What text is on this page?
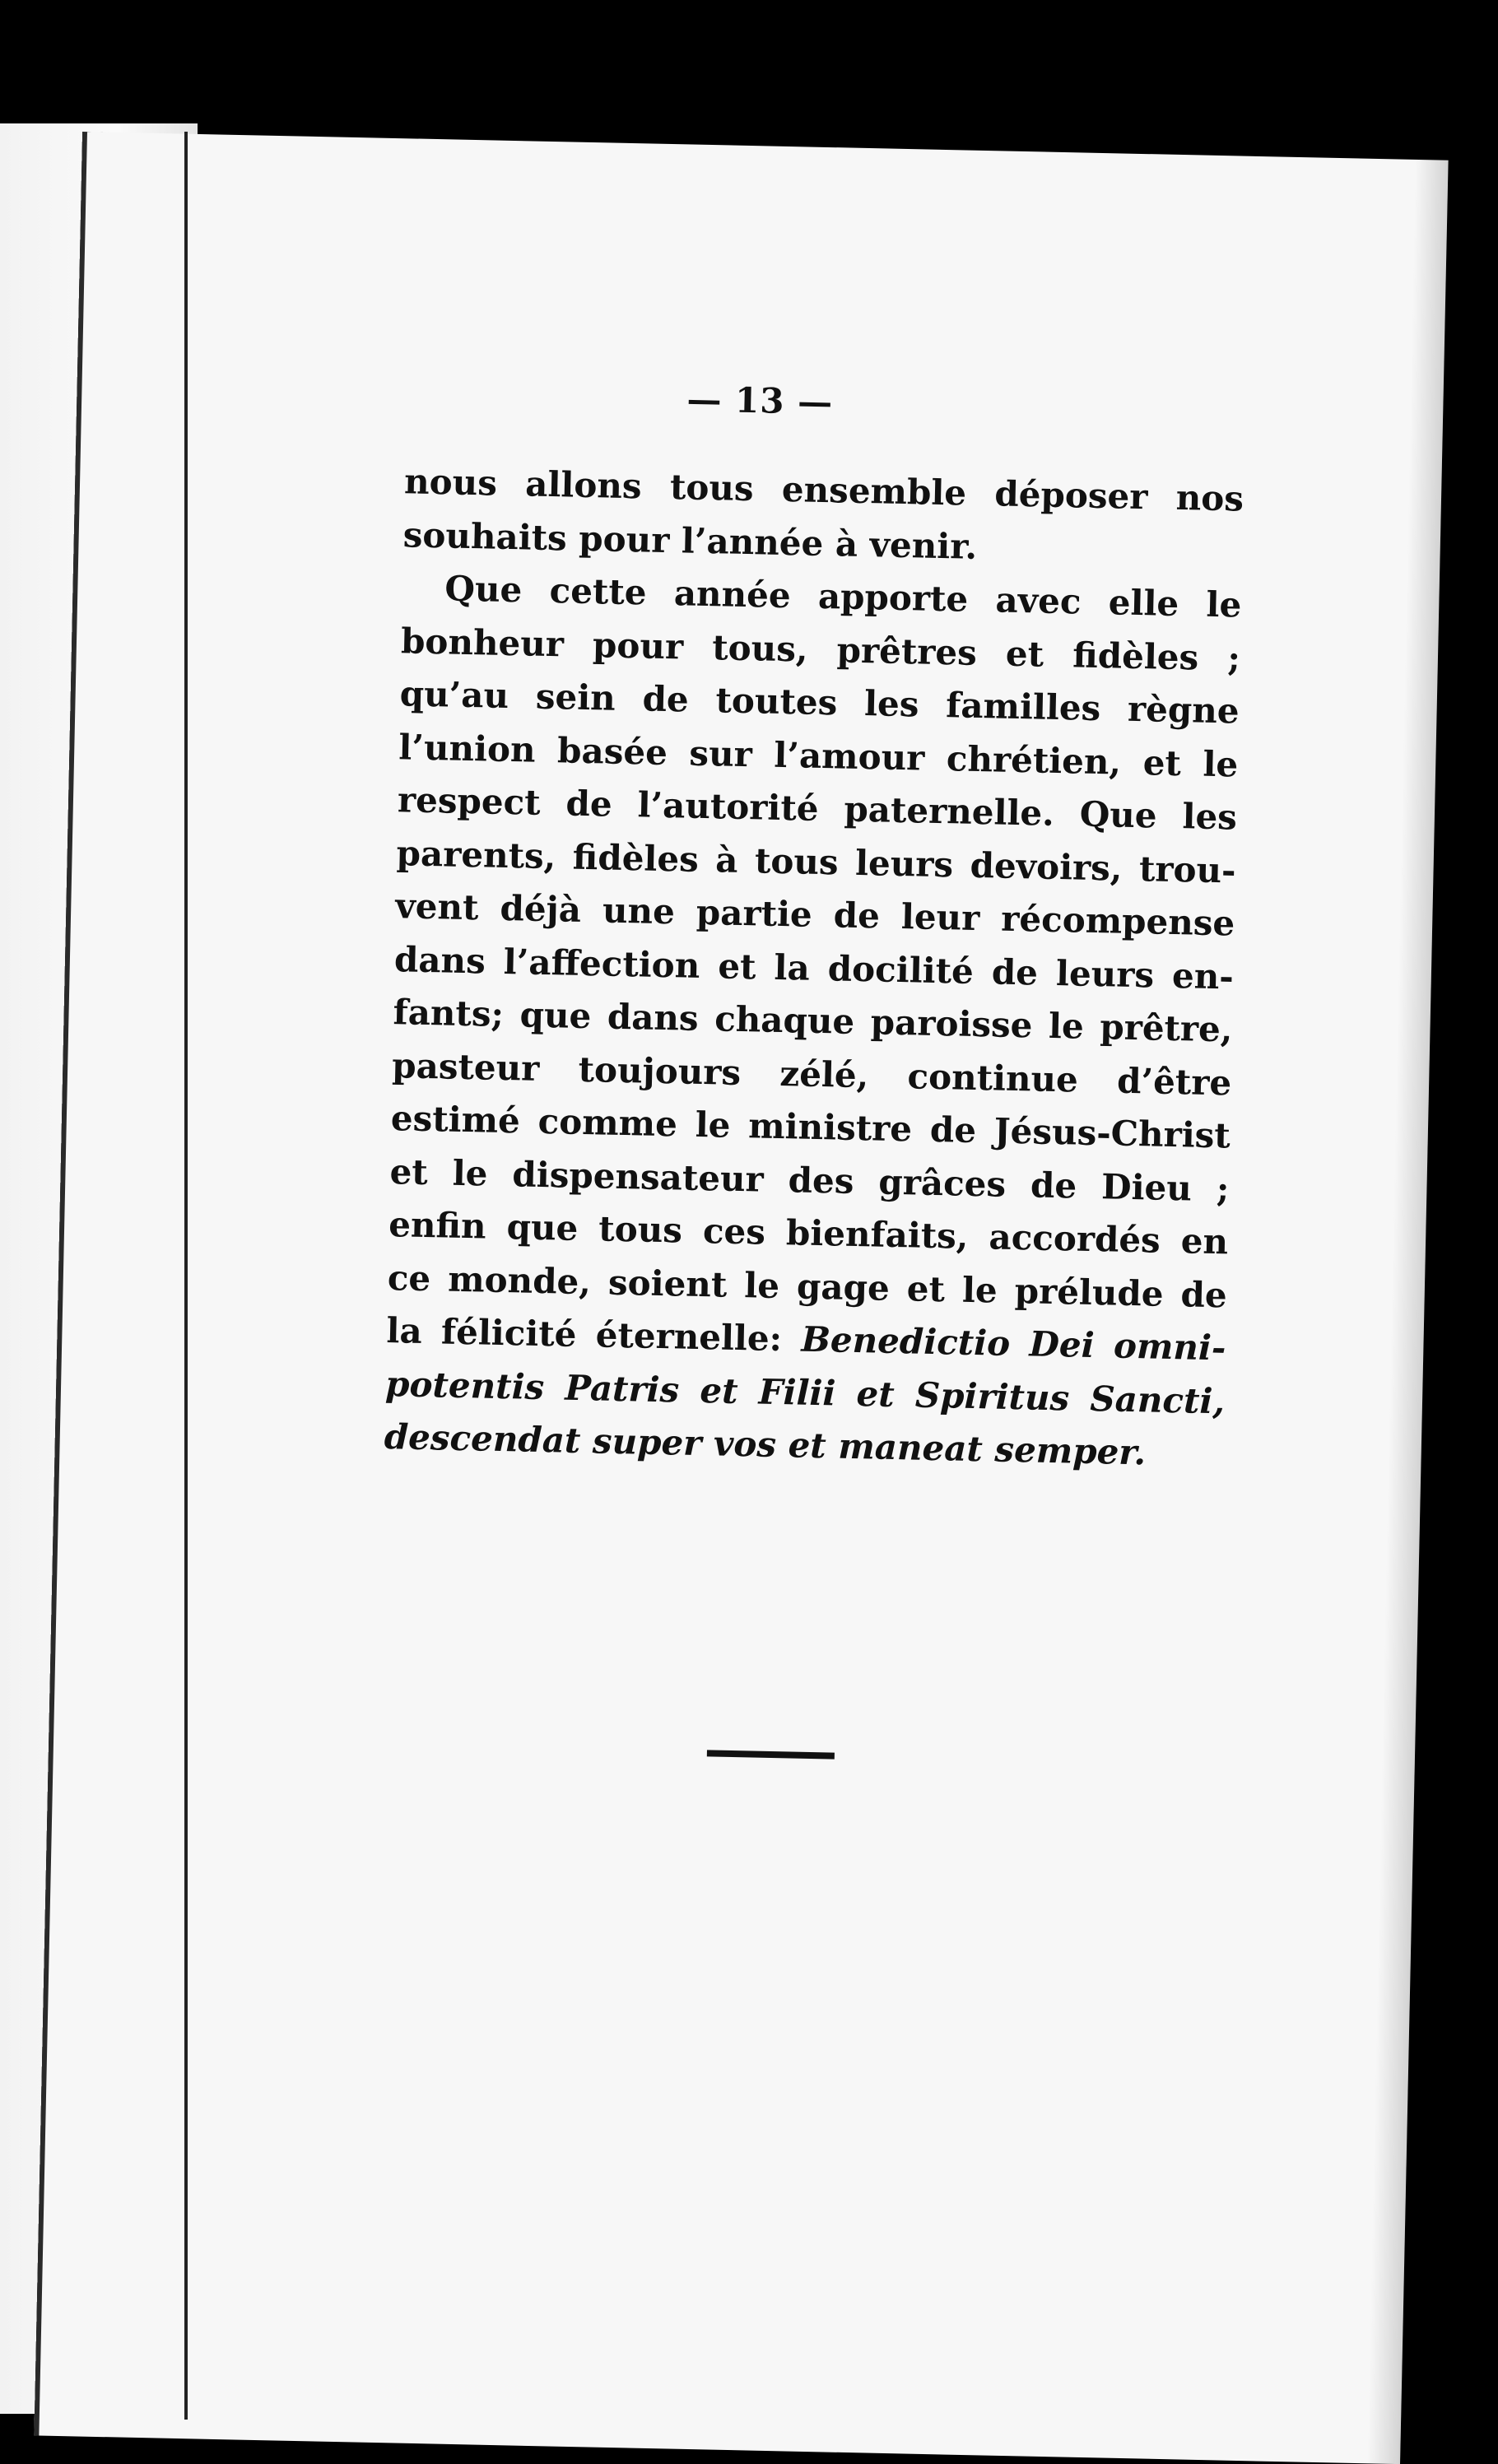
— 13 —
nous allons tous ensemble déposer nos
souhaits pour l’année à venir.
Que cette année apporte avec elle le
bonheur pour tous, prêtres et fidèles ;
qu’au sein de toutes les familles règne
l’union basée sur l’amour chrétien, et le
respect de l’autorité paternelle. Que les
parents, fidèles à tous leurs devoirs, trou-
vent déjà une partie de leur récompense
dans l’affection et la docilité de leurs en-
fants; que dans chaque paroisse le prêtre,
pasteur toujours zélé, continue d’être
estimé comme le ministre de Jésus-Christ
et le dispensateur des grâces de Dieu ;
enfin que tous ces bienfaits, accordés en
ce monde, soient le gage et le prélude de
la félicité éternelle: Benedictio Dei omni-
potentis Patris et Filii et Spiritus Sancti,
descendat super vos et maneat semper.
